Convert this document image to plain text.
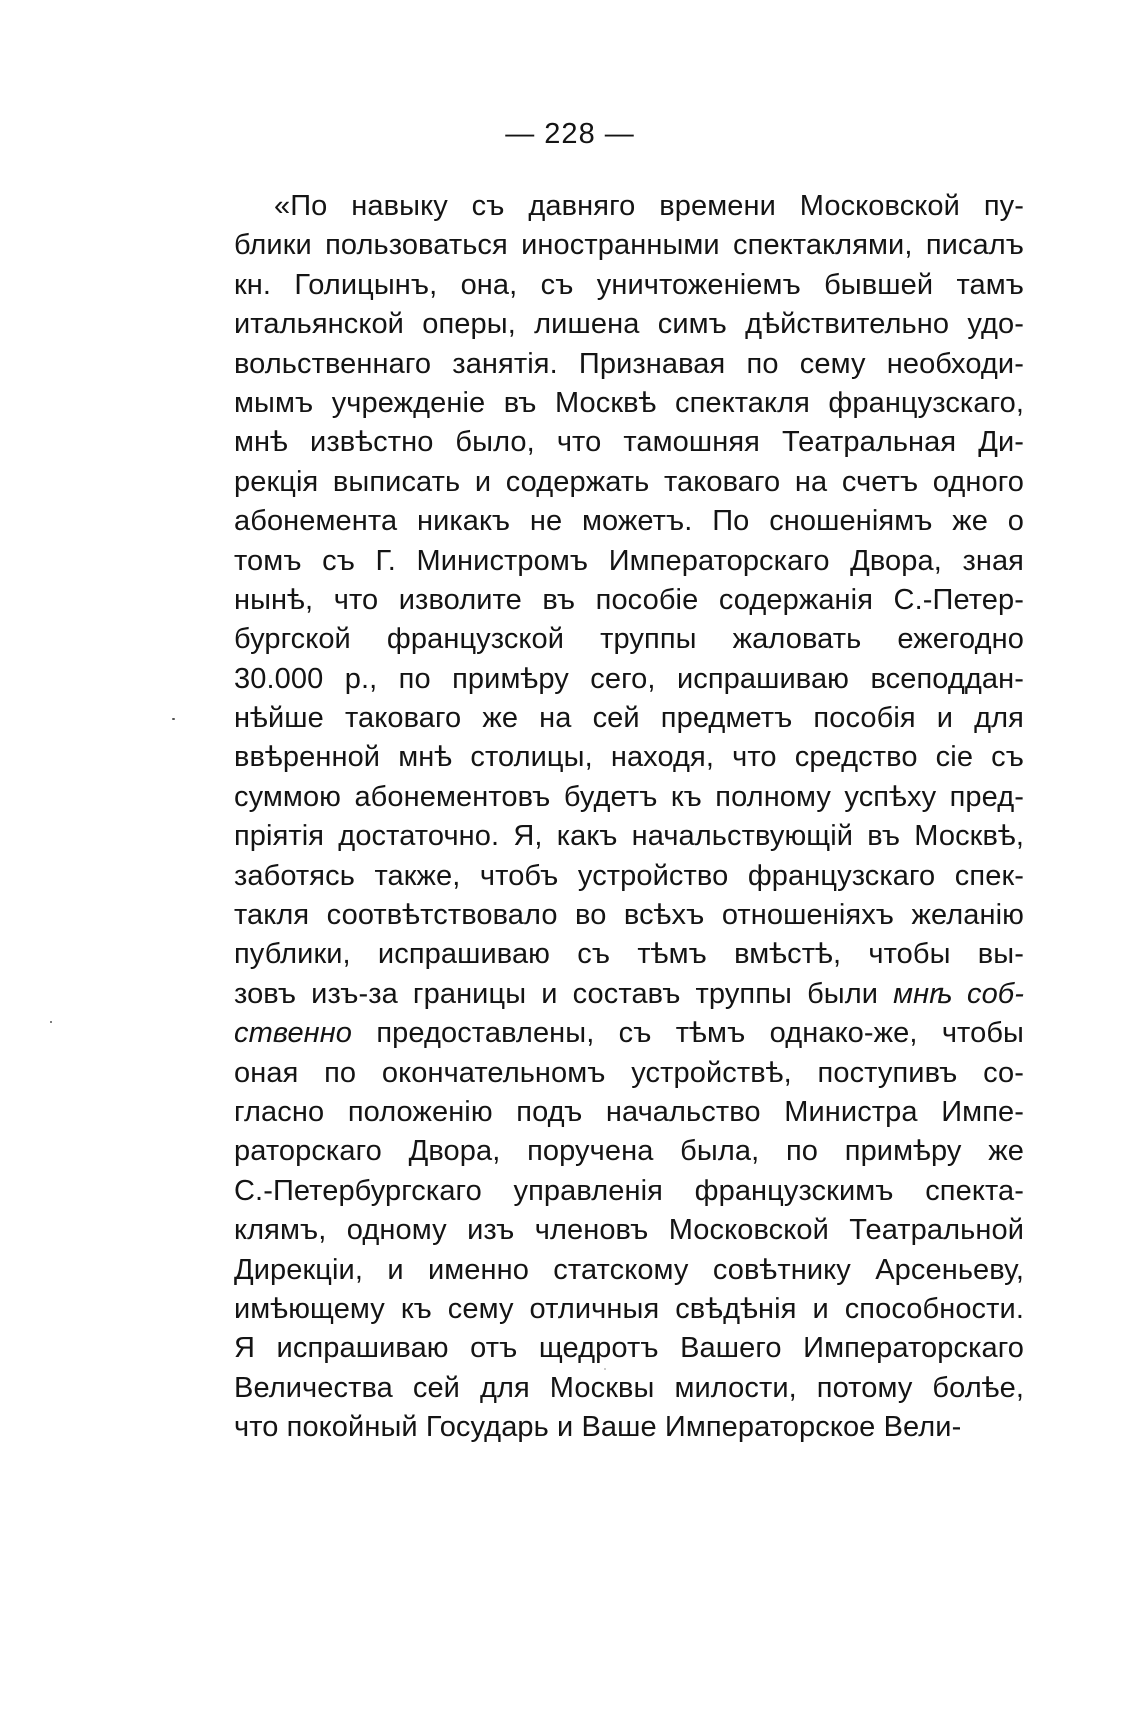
— 228 —
«По навыку съ давняго времени Московской пу-
блики пользоваться иностранными спектаклями, писалъ
кн. Голицынъ, она, съ уничтоженiемъ бывшей тамъ
итальянской оперы, лишена симъ дѣйствительно удо-
вольственнаго занятія. Признавая по сему необходи-
мымъ учрежденіе въ Москвѣ спектакля французскаго,
мнѣ извѣстно было, что тамошняя Театральная Ди-
рекція выписать и содержать таковаго на счетъ одного
абонемента никакъ не можетъ. По сношеніямъ же о
томъ съ Г. Министромъ Императорскаго Двора, зная
нынѣ, что изволите въ пособіе содержанія С.-Петер-
бургской французской труппы жаловать ежегодно
30.000 р., по примѣру сего, испрашиваю всеподдан-
нѣйше таковаго же на сей предметъ пособія и для
ввѣренной мнѣ столицы, находя, что средство сіе съ
суммою абонементовъ будетъ къ полному успѣху пред-
пріятія достаточно. Я, какъ начальствующій въ Москвѣ,
заботясь также, чтобъ устройство французскаго спек-
такля соотвѣтствовало во всѣхъ отношеніяхъ желанію
публики, испрашиваю съ тѣмъ вмѣстѣ, чтобы вы-
зовъ изъ-за границы и составъ труппы были мнѣ соб-
ственно предоставлены, съ тѣмъ однако-же, чтобы
оная по окончательномъ устройствѣ, поступивъ со-
гласно положенію подъ начальство Министра Импе-
раторскаго Двора, поручена была, по примѣру же
С.-Петербургскаго управленія французскимъ спекта-
клямъ, одному изъ членовъ Московской Театральной
Дирекціи, и именно статскому совѣтнику Арсеньеву,
имѣющему къ сему отличныя свѣдѣнія и способности.
Я испрашиваю отъ щедротъ Вашего Императорскаго
Величества сей для Москвы милости, потому болѣе,
что покойный Государь и Ваше Императорское Вели-
